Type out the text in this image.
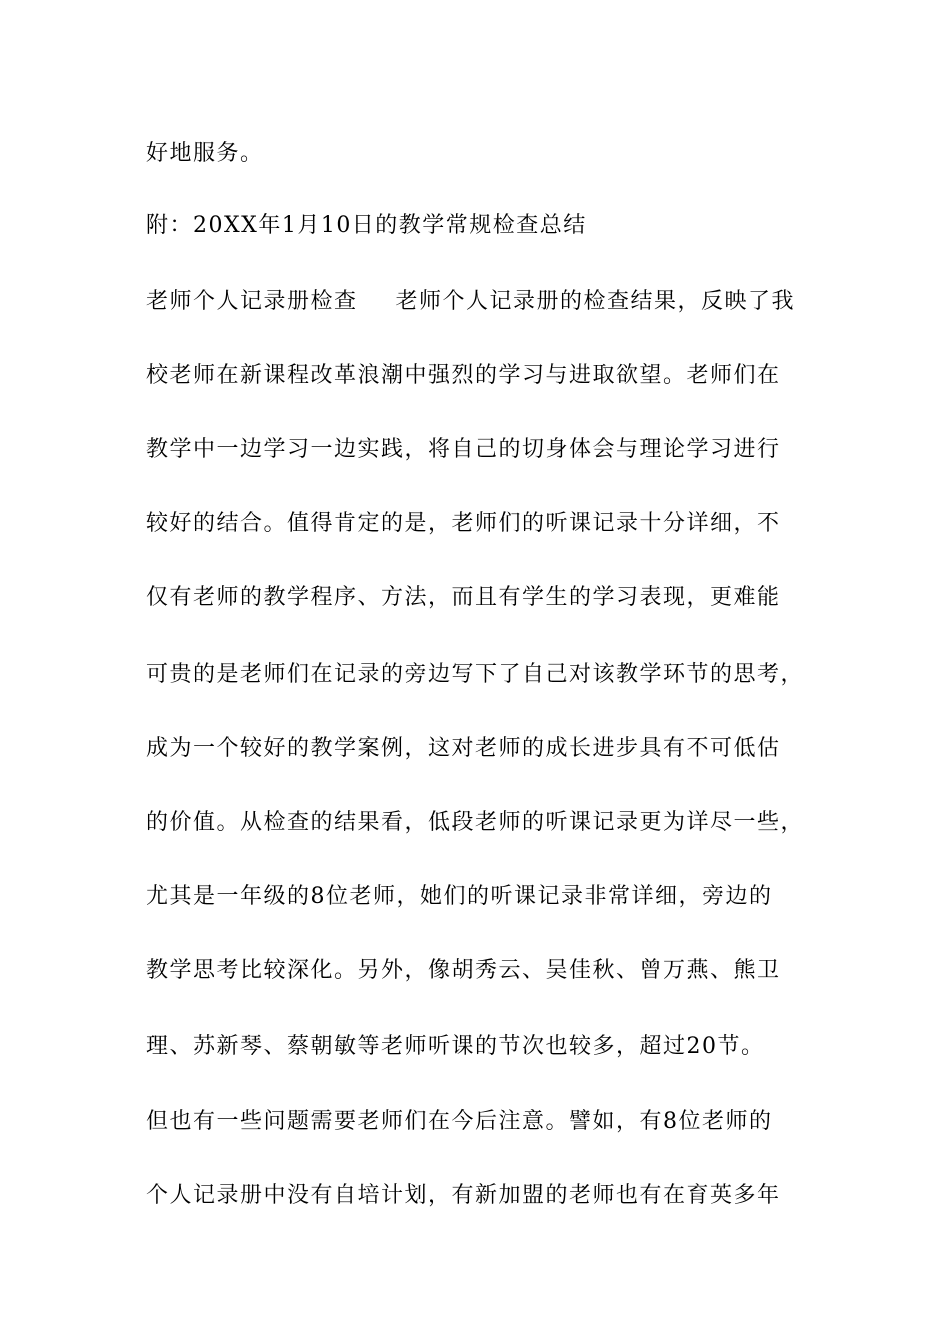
好地服务。
附：20XX年1月10日的教学常规检查总结
老师个人记录册检查 老师个人记录册的检查结果，反映了我
校老师在新课程改革浪潮中强烈的学习与进取欲望。老师们在
教学中一边学习一边实践，将自己的切身体会与理论学习进行
较好的结合。值得肯定的是，老师们的听课记录十分详细，不
仅有老师的教学程序、方法，而且有学生的学习表现，更难能
可贵的是老师们在记录的旁边写下了自己对该教学环节的思考，
成为一个较好的教学案例，这对老师的成长进步具有不可低估
的价值。从检查的结果看，低段老师的听课记录更为详尽一些，
尤其是一年级的8位老师，她们的听课记录非常详细，旁边的
教学思考比较深化。另外，像胡秀云、吴佳秋、曾万燕、熊卫
理、苏新琴、蔡朝敏等老师听课的节次也较多，超过20节。
但也有一些问题需要老师们在今后注意。譬如，有8位老师的
个人记录册中没有自培计划，有新加盟的老师也有在育英多年
